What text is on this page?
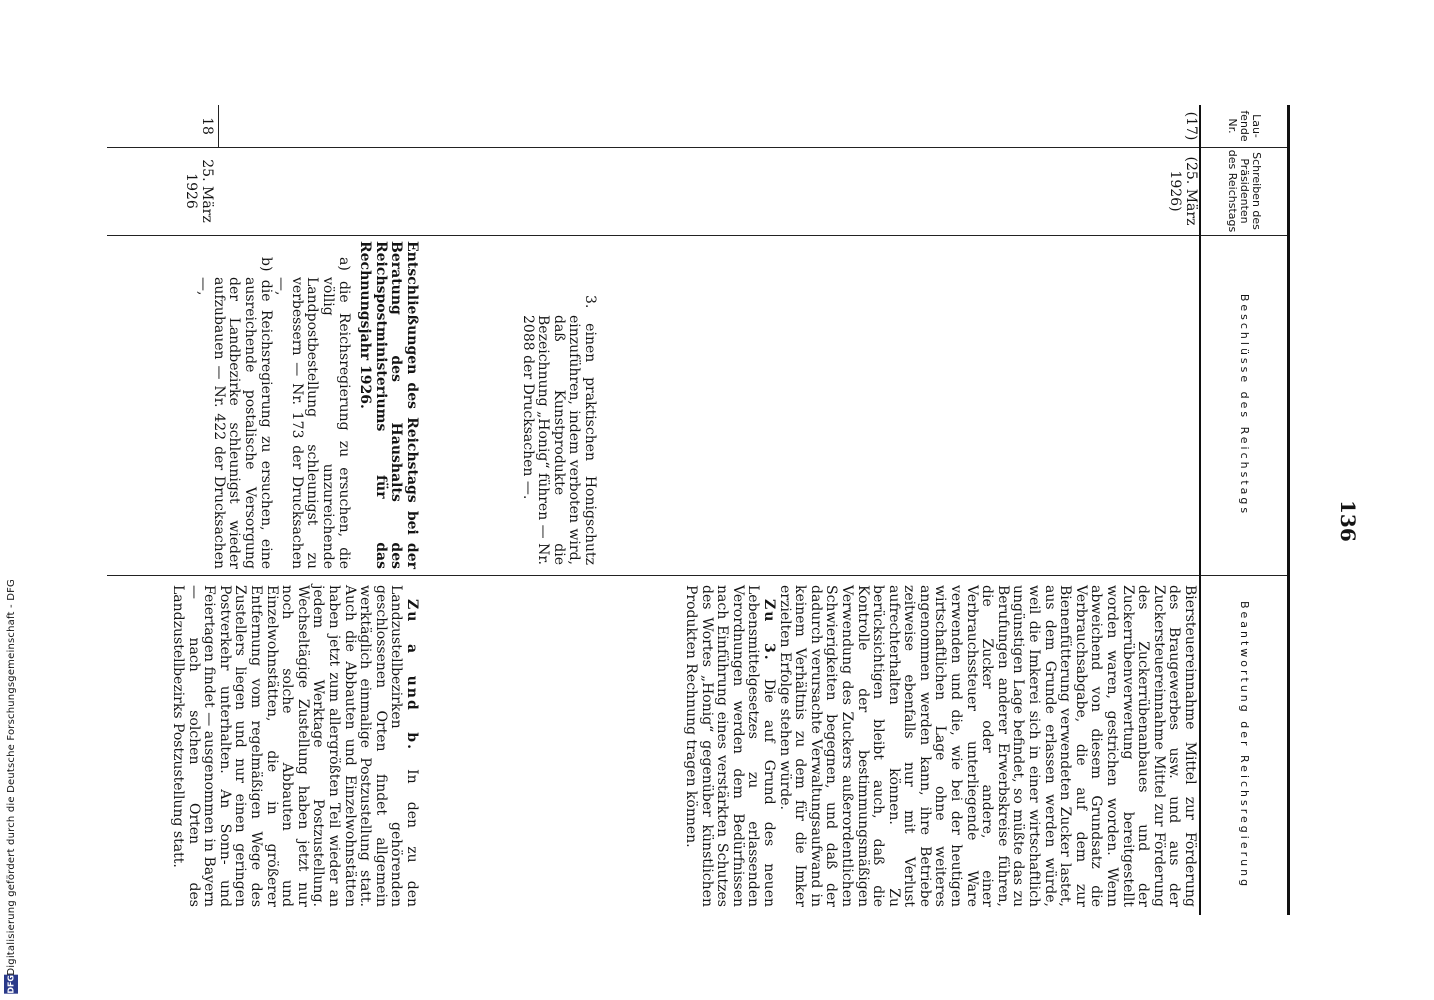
DFG
Digitalisierung gefördert durch die Deutsche Forschungsgemeinschaft - DFG
136
Lau-fende Nr.
Schreiben des Präsidenten des Reichstags
Beschlüsse des Reichstags
Beantwortung der Reichsregierung
(17)
(25. März 1926)

3. einen praktischen Honigschutz einzuführen, indem verboten wird, daß Kunstprodukte die Bezeichnung „Honig“ führen — Nr. 2088 der Drucksachen —.

Biersteuereinnahme Mittel zur Förderung des Braugewerbes usw. und aus der Zuckersteuereinnahme Mittel zur Förderung des Zuckerrübenanbaues und der Zuckerrübenverwertung bereitgestellt worden waren, gestrichen worden. Wenn abweichend von diesem Grundsatz die Verbrauchsabgabe, die auf dem zur Bienenfütterung verwendeten Zucker lastet, aus dem Grunde erlassen werden würde, weil die Imkerei sich in einer wirtschaftlich ungünstigen Lage befindet, so müßte das zu Berufungen anderer Erwerbskreise führen, die Zucker oder andere, einer Verbrauchssteuer unterliegende Ware verwenden und die, wie bei der heutigen wirtschaftlichen Lage ohne weiteres angenommen werden kann, ihre Betriebe zeitweise ebenfalls nur mit Verlust aufrechterhalten können. Zu berücksichtigen bleibt auch, daß die Kontrolle der bestimmungsmäßigen Verwendung des Zuckers außerordentlichen Schwierigkeiten begegnen, und daß der dadurch verursachte Verwaltungsaufwand in keinem Verhältnis zu dem für die Imker erzielten Erfolge stehen würde.

Zu 3. Die auf Grund des neuen Lebensmittelgesetzes zu erlassenden Verordnungen werden dem Bedürfnissen nach Einführung eines verstärkten Schutzes des Wortes „Honig“ gegenüber künstlichen Produkten Rechnung tragen können.

18
25. März 1926

Entschließungen des Reichstags bei der Beratung des Haushalts des Reichspostministeriums für das Rechnungsjahr 1926.

a) die Reichsregierung zu ersuchen, die völlig unzureichende Landpostbestellung schleunigst zu verbessern — Nr. 173 der Drucksachen —,

b) die Reichsregierung zu ersuchen, eine ausreichende postalische Versorgung der Landbezirke schleunigst wieder aufzubauen — Nr. 422 der Drucksachen —,

Zu a und b. In den zu den Landzustellbezirken gehörenden geschlossenen Orten findet allgemein werktäglich einmalige Postzustellung statt. Auch die Abbauten und Einzelwohnstätten haben jetzt zum allergrößten Teil wieder an jedem Werktage Postzustellung. Wechseltägige Zustellung haben jetzt nur noch solche Abbauten und Einzelwohnstätten, die in größerer Entfernung vom regelmäßigen Wege des Zustellers liegen und nur einen geringen Postverkehr unterhalten. An Sonn- und Feiertagen findet — ausgenommen in Bayern — nach solchen Orten des Landzustellbezirks Postzustellung statt.
